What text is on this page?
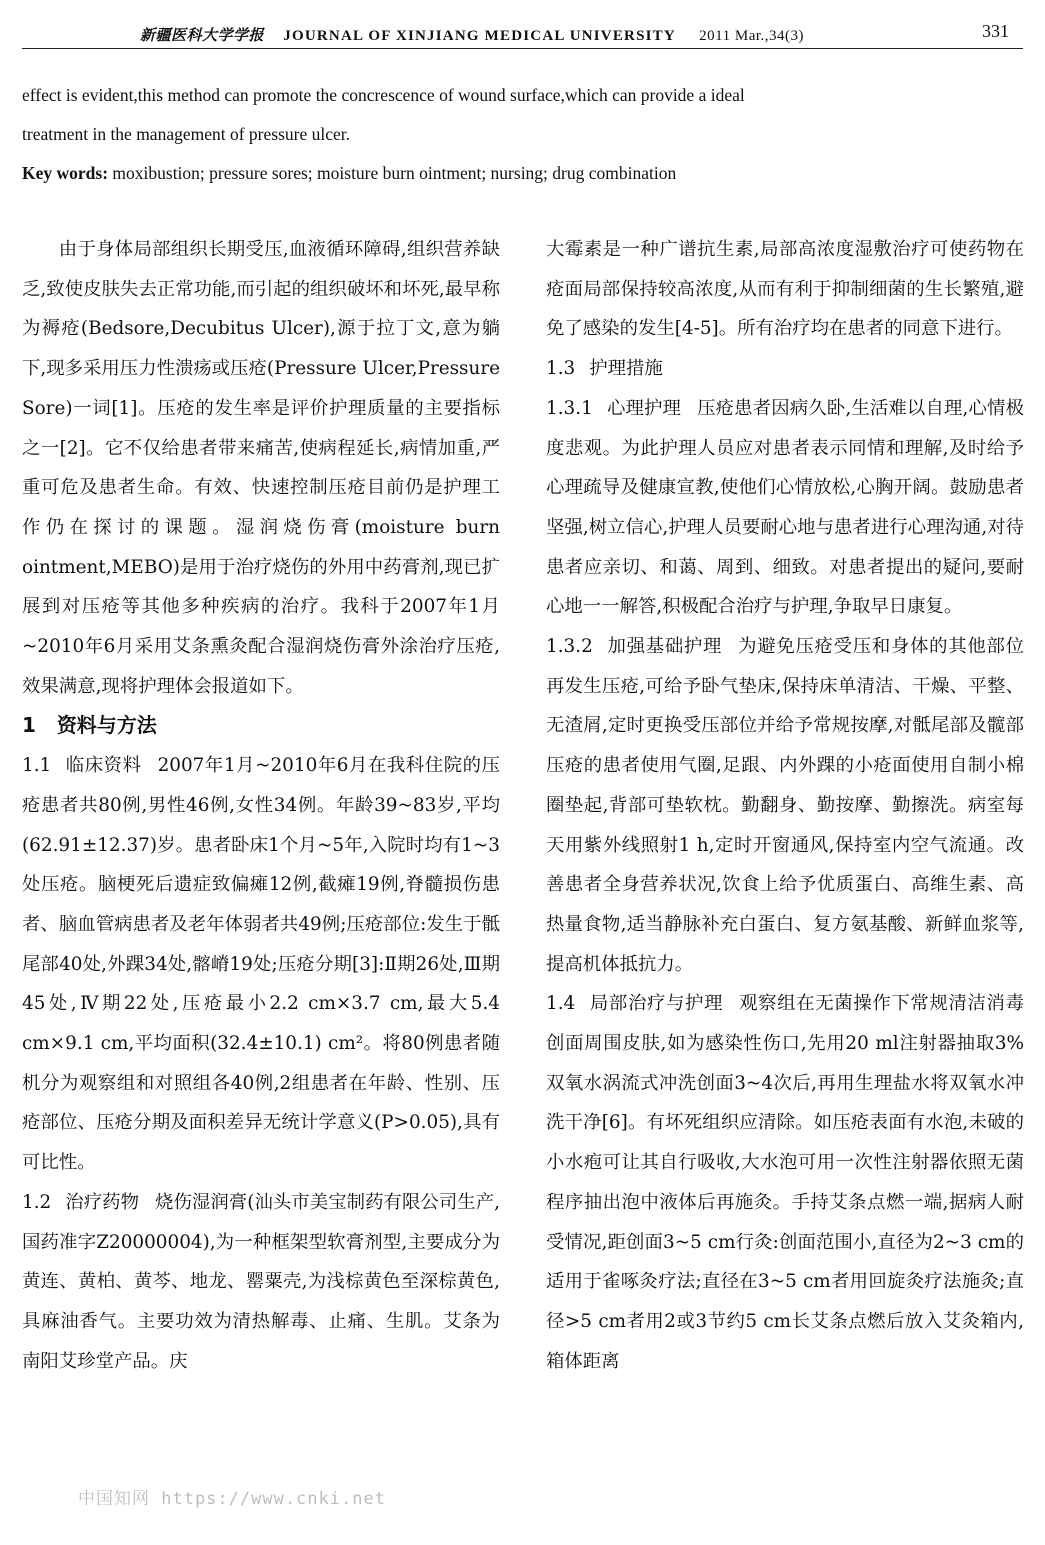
新疆医科大学学报 JOURNAL OF XINJIANG MEDICAL UNIVERSITY 2011 Mar.,34(3)	331

effect is evident,this method can promote the concrescence of wound surface,which can provide a ideal

treatment in the management of pressure ulcer.

Key words: moxibustion; pressure sores; moisture burn ointment; nursing; drug combination

由于身体局部组织长期受压,血液循环障碍,组织营养缺乏,致使皮肤失去正常功能,而引起的组织破坏和坏死,最早称为褥疮(Bedsore,Decubitus Ulcer),源于拉丁文,意为躺下,现多采用压力性溃疡或压疮(Pressure Ulcer,Pressure Sore)一词[1]。压疮的发生率是评价护理质量的主要指标之一[2]。它不仅给患者带来痛苦,使病程延长,病情加重,严重可危及患者生命。有效、快速控制压疮目前仍是护理工作仍在探讨的课题。湿润烧伤膏(moisture burn ointment,MEBO)是用于治疗烧伤的外用中药膏剂,现已扩展到对压疮等其他多种疾病的治疗。我科于2007年1月~2010年6月采用艾条熏灸配合湿润烧伤膏外涂治疗压疮,效果满意,现将护理体会报道如下。

1 资料与方法

1.1 临床资料 2007年1月~2010年6月在我科住院的压疮患者共80例,男性46例,女性34例。年龄39~83岁,平均(62.91±12.37)岁。患者卧床1个月~5年,入院时均有1~3处压疮。脑梗死后遗症致偏瘫12例,截瘫19例,脊髓损伤患者、脑血管病患者及老年体弱者共49例;压疮部位:发生于骶尾部40处,外踝34处,髂嵴19处;压疮分期[3]:Ⅱ期26处,Ⅲ期45处,Ⅳ期22处,压疮最小2.2 cm×3.7 cm,最大5.4 cm×9.1 cm,平均面积(32.4±10.1) cm²。将80例患者随机分为观察组和对照组各40例,2组患者在年龄、性别、压疮部位、压疮分期及面积差异无统计学意义(P>0.05),具有可比性。

1.2 治疗药物 烧伤湿润膏(汕头市美宝制药有限公司生产,国药准字Z20000004),为一种框架型软膏剂型,主要成分为黄连、黄柏、黄芩、地龙、罂粟壳,为浅棕黄色至深棕黄色,具麻油香气。主要功效为清热解毒、止痛、生肌。艾条为南阳艾珍堂产品。庆

大霉素是一种广谱抗生素,局部高浓度湿敷治疗可使药物在疮面局部保持较高浓度,从而有利于抑制细菌的生长繁殖,避免了感染的发生[4-5]。所有治疗均在患者的同意下进行。

1.3 护理措施

1.3.1 心理护理 压疮患者因病久卧,生活难以自理,心情极度悲观。为此护理人员应对患者表示同情和理解,及时给予心理疏导及健康宣教,使他们心情放松,心胸开阔。鼓励患者坚强,树立信心,护理人员要耐心地与患者进行心理沟通,对待患者应亲切、和蔼、周到、细致。对患者提出的疑问,要耐心地一一解答,积极配合治疗与护理,争取早日康复。

1.3.2 加强基础护理 为避免压疮受压和身体的其他部位再发生压疮,可给予卧气垫床,保持床单清洁、干燥、平整、无渣屑,定时更换受压部位并给予常规按摩,对骶尾部及髋部压疮的患者使用气圈,足跟、内外踝的小疮面使用自制小棉圈垫起,背部可垫软枕。勤翻身、勤按摩、勤擦洗。病室每天用紫外线照射1 h,定时开窗通风,保持室内空气流通。改善患者全身营养状况,饮食上给予优质蛋白、高维生素、高热量食物,适当静脉补充白蛋白、复方氨基酸、新鲜血浆等,提高机体抵抗力。

1.4 局部治疗与护理 观察组在无菌操作下常规清洁消毒创面周围皮肤,如为感染性伤口,先用20 ml注射器抽取3%双氧水涡流式冲洗创面3~4次后,再用生理盐水将双氧水冲洗干净[6]。有坏死组织应清除。如压疮表面有水泡,未破的小水疱可让其自行吸收,大水泡可用一次性注射器依照无菌程序抽出泡中液体后再施灸。手持艾条点燃一端,据病人耐受情况,距创面3~5 cm行灸:创面范围小,直径为2~3 cm的适用于雀啄灸疗法;直径在3~5 cm者用回旋灸疗法施灸;直径>5 cm者用2或3节约5 cm长艾条点燃后放入艾灸箱内,箱体距离

中国知网 https://www.cnki.net
